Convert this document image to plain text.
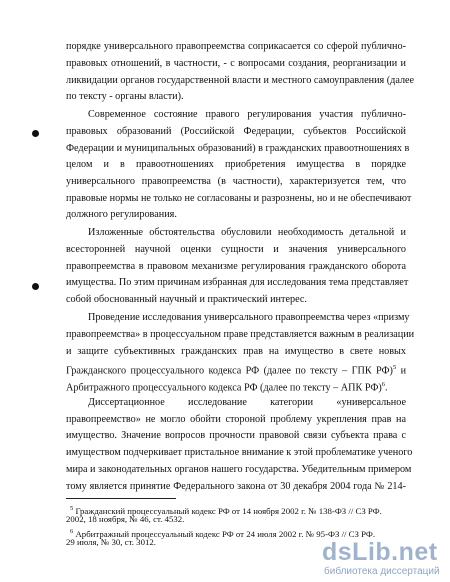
порядке универсального правопреемства соприкасается со сферой публично-
правовых отношений, в частности, - с вопросами создания, реорганизации и
ликвидации органов государственной власти и местного самоуправления (далее
по тексту - органы власти).
Современное состояние правого регулирования участия публично-
правовых образований (Российской Федерации, субъектов Российской
Федерации и муниципальных образований) в гражданских правоотношениях в
целом и в правоотношениях приобретения имущества в порядке
универсального правопреемства (в частности), характеризуется тем, что
правовые нормы не только не согласованы и разрознены, но и не обеспечивают
должного регулирования.
Изложенные обстоятельства обусловили необходимость детальной и
всесторонней научной оценки сущности и значения универсального
правопреемства в правовом механизме регулирования гражданского оборота
имущества. По этим причинам избранная для исследования тема представляет
собой обоснованный научный и практический интерес.
Проведение исследования универсального правопреемства через «призму
правопреемства» в процессуальном праве представляется важным в реализации
и защите субъективных гражданских прав на имущество в свете новых
Гражданского процессуального кодекса РФ (далее по тексту – ГПК РФ)$^5$ и
Арбитражного процессуального кодекса РФ (далее по тексту – АПК РФ)$^6$.
Диссертационное исследование категории «универсальное
правопреемство» не могло обойти стороной проблему укрепления прав на
имущество. Значение вопросов прочности правовой связи субъекта права с
имуществом подчеркивает пристальное внимание к этой проблематике ученого
мира и законодательных органов нашего государства. Убедительным примером
тому является принятие Федерального закона от 30 декабря 2004 года № 214-
$^5$ Гражданский процессуальный кодекс РФ от 14 ноября 2002 г. № 138-ФЗ // СЗ РФ.
2002, 18 ноября, № 46, ст. 4532.
$^6$ Арбитражный процессуальный кодекс РФ от 24 июля 2002 г. № 95-ФЗ // СЗ РФ.
29 июля, № 30, ст. 3012.	dsLib.net
библиотека диссертаций
5
